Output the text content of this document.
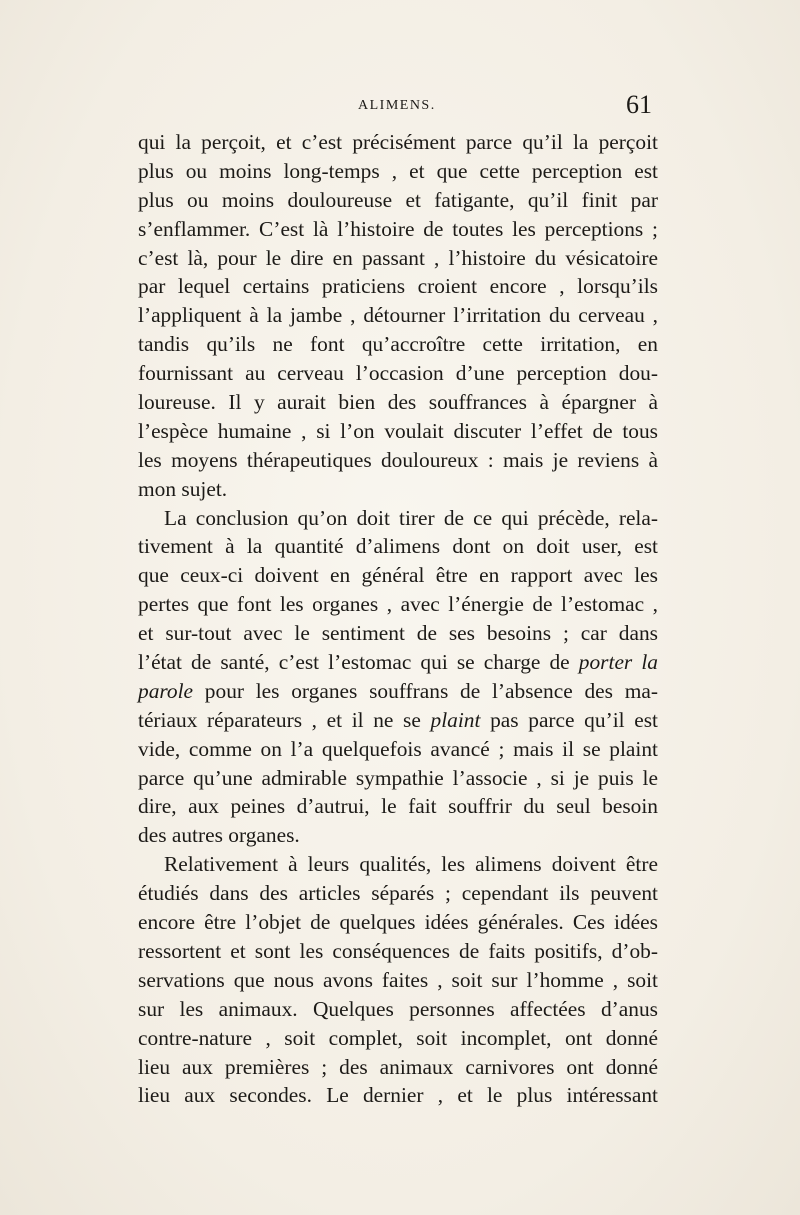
ALIMENS.	61
qui la perçoit, et c’est précisément parce qu’il la perçoit
plus ou moins long-temps , et que cette perception est
plus ou moins douloureuse et fatigante, qu’il finit par
s’enflammer. C’est là l’histoire de toutes les perceptions ;
c’est là, pour le dire en passant , l’histoire du vésicatoire
par lequel certains praticiens croient encore , lorsqu’ils
l’appliquent à la jambe , détourner l’irritation du cerveau ,
tandis qu’ils ne font qu’accroître cette irritation, en
fournissant au cerveau l’occasion d’une perception dou-
loureuse. Il y aurait bien des souffrances à épargner à
l’espèce humaine , si l’on voulait discuter l’effet de tous
les moyens thérapeutiques douloureux : mais je reviens à
mon sujet.
La conclusion qu’on doit tirer de ce qui précède, rela-
tivement à la quantité d’alimens dont on doit user, est
que ceux-ci doivent en général être en rapport avec les
pertes que font les organes , avec l’énergie de l’estomac ,
et sur-tout avec le sentiment de ses besoins ; car dans
l’état de santé, c’est l’estomac qui se charge de porter la
parole pour les organes souffrans de l’absence des ma-
tériaux réparateurs , et il ne se plaint pas parce qu’il est
vide, comme on l’a quelquefois avancé ; mais il se plaint
parce qu’une admirable sympathie l’associe , si je puis le
dire, aux peines d’autrui, le fait souffrir du seul besoin
des autres organes.
Relativement à leurs qualités, les alimens doivent être
étudiés dans des articles séparés ; cependant ils peuvent
encore être l’objet de quelques idées générales. Ces idées
ressortent et sont les conséquences de faits positifs, d’ob-
servations que nous avons faites , soit sur l’homme , soit
sur les animaux. Quelques personnes affectées d’anus
contre-nature , soit complet, soit incomplet, ont donné
lieu aux premières ; des animaux carnivores ont donné
lieu aux secondes. Le dernier , et le plus intéressant
